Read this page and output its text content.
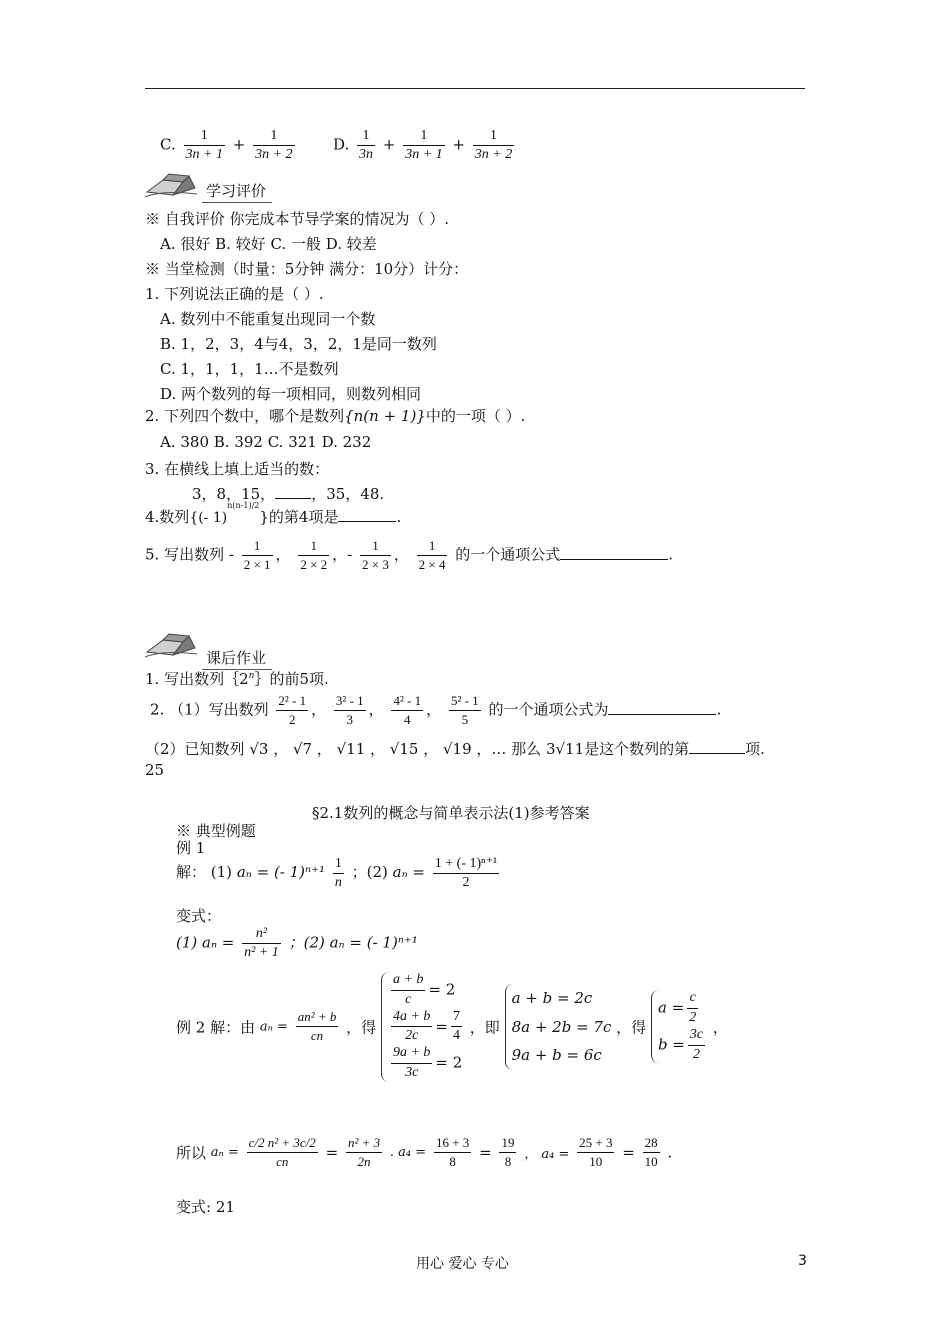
C. $\frac{1}{3n + 1} + \frac{1}{3n + 2}$	D. $\frac{1}{3n} + \frac{1}{3n + 1} + \frac{1}{3n + 2}$
学习评价
※ 自我评价 你完成本节导学案的情况为（ ）.
A. 很好 B. 较好 C. 一般 D. 较差
※ 当堂检测（时量：5分钟 满分：10分）计分：
1. 下列说法正确的是（ ）.
A. 数列中不能重复出现同一个数
B. 1，2，3，4与4，3，2，1是同一数列
C. 1，1，1，1…不是数列
D. 两个数列的每一项相同，则数列相同
2. 下列四个数中，哪个是数列{n(n + 1)}中的一项（ ）.
A. 380 B. 392 C. 321 D. 232
3. 在横线上填上适当的数：
3，8，15， ，35，48.
4.数列{(- 1)$^{n(n-1)/2}$}的第4项是	.
5. 写出数列 - $\frac{1}{2 \times 1}$ ， $\frac{1}{2 \times 2}$ ，- $\frac{1}{2 \times 3}$ ， $\frac{1}{2 \times 4}$ 的一个通项公式	.
课后作业
1. 写出数列｛2$^n$｝的前5项.
2. （1）写出数列 $\frac{\text{2² - 1}}{2}$ ， $\frac{\text{3² - 1}}{3}$ ， $\frac{\text{4² - 1}}{4}$ ， $\frac{\text{5² - 1}}{5}$ 的一个通项公式为	.
（2）已知数列 √3 ， √7 ， √11 ， √15 ， √19 ，… 那么 3√11是这个数列的第	项.
25
§2.1数列的概念与简单表示法(1)参考答案
※ 典型例题
例 1
解： (1) aₙ = (- $1)^{n+1} \frac{1}{n}$ ；(2) $a_n = \frac{\text{1 + (- 1)ⁿ⁺¹}}{2}$
变式：
(1) $a_n = \frac{\text{n²}}{\text{n² + 1}}$ ；(2) aₙ = (- 1)ⁿ⁺¹
例 2 解：由 $a_n = \frac{\text{an² + b}}{cn}$ ，得
$\frac{a + b}{c} = 2$
$\frac{4a + b}{2c} = \frac{7}{4}$
$\frac{9a + b}{3c} = 2$
，即
a + b = 2c
8a + 2b = 7c
9a + b = 6c
，得
$a = \frac{c}{2}$
$b = \frac{3c}{2}$ ，
所以 $a_n = \frac{\text{c/2 n² + 3c/2}}{cn} = \frac{\text{n² + 3}}{2n}$ . $a_4 = \frac{16 + 3}{8} = \frac{19}{8}$ ， $a_4 = \frac{25 + 3}{10} = \frac{28}{10}$ .
变式: 21
用心 爱心 专心	3
